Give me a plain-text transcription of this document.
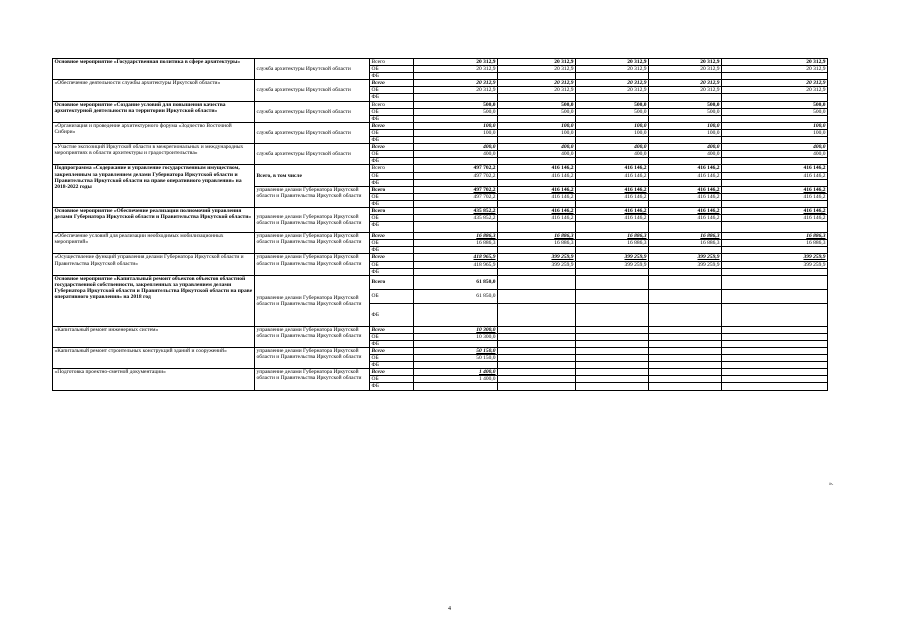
Основное мероприятие «Государственная политика в сфере архитектуры»	служба архитектуры Иркутской области	Всего	20 312,9	20 312,9	20 312,9	20 312,9	20 312,9
		ОБ	20 312,9	20 312,9	20 312,9	20 312,9	20 312,9
		ФБ					
«Обеспечение деятельности службы архитектуры Иркутской области»	служба архитектуры Иркутской области	Всего	20 312,9	20 312,9	20 312,9	20 312,9	20 312,9
		ОБ	20 312,9	20 312,9	20 312,9	20 312,9	20 312,9
		ФБ					
Основное мероприятие «Создание условий для повышения качества архитектурной деятельности на территории Иркутской области»	служба архитектуры Иркутской области	Всего	500,0	500,0	500,0	500,0	500,0
		ОБ	500,0	500,0	500,0	500,0	500,0
		ФБ					
«Организация и проведение архитектурного форума «Зодчество Восточной Сибири»	служба архитектуры Иркутской области	Всего	100,0	100,0	100,0	100,0	100,0
		ОБ	100,0	100,0	100,0	100,0	100,0
		ФБ					
«Участие экспозиций Иркутской области в межрегиональных и международных мероприятиях в области архитектуры и градостроительства»	служба архитектуры Иркутской области	Всего	400,0	400,0	400,0	400,0	400,0
		ОБ	400,0	400,0	400,0	400,0	400,0
		ФБ					
Подпрограмма «Содержание и управление государственным имуществом, закрепленным за управлением делами Губернатора Иркутской области и Правительства Иркутской области на праве оперативного управления» на 2018-2022 годы	Всего, в том числе	Всего	497 702,2	416 146,2	416 146,2	416 146,2	416 146,2
		ОБ	497 702,2	416 146,2	416 146,2	416 146,2	416 146,2
		ФБ					
	управление делами Губернатора Иркутской области и Правительства Иркутской области	Всего	497 702,2	416 146,2	416 146,2	416 146,2	416 146,2
		ОБ	497 702,2	416 146,2	416 146,2	416 146,2	416 146,2
		ФБ					
Основное мероприятие «Обеспечение реализации полномочий управления делами Губернатора Иркутской области и Правительства Иркутской области»	управление делами Губернатора Иркутской области и Правительства Иркутской области	Всего	435 852,2	416 146,2	416 146,2	416 146,2	416 146,2
		ОБ	435 852,2	416 146,2	416 146,2	416 146,2	416 146,2
		ФБ					
«Обеспечение условий для реализации необходимых мобилизационных мероприятий»	управление делами Губернатора Иркутской области и Правительства Иркутской области	Всего	16 886,3	16 886,3	16 886,3	16 886,3	16 886,3
		ОБ	16 886,3	16 886,3	16 886,3	16 886,3	16 886,3
		ФБ					
«Осуществление функций управления делами Губернатора Иркутской области и Правительства Иркутской области»	управление делами Губернатора Иркутской области и Правительства Иркутской области	Всего	418 965,9	399 259,9	399 259,9	399 259,9	399 259,9
		ОБ	418 965,9	399 259,9	399 259,9	399 259,9	399 259,9
		ФБ					
Основное мероприятие «Капитальный ремонт объектов объектов областной государственной собственности, закрепленных за управлением делами Губернатора Иркутской области и Правительства Иркутской области на праве оперативного управления» на 2018 год	управление делами Губернатора Иркутской области и Правительства Иркутской области	Всего	61 850,0				
		ОБ	61 850,0				
		ФБ					
«Капитальный ремонт инженерных систем»	управление делами Губернатора Иркутской области и Правительства Иркутской области	Всего	10 300,0				
		ОБ	10 300,0				
		ФБ					
«Капитальный ремонт строительных конструкций зданий и сооружений»	управление делами Губернатора Иркутской области и Правительства Иркутской области	Всего	50 150,0				
		ОБ	50 150,0				
		ФБ					
«Подготовка проектно-сметной документации»	управление делами Губернатора Иркутской области и Правительства Иркутской области	Всего	1 400,0				
		ОБ	1 400,0				
		ФБ					
».
4
